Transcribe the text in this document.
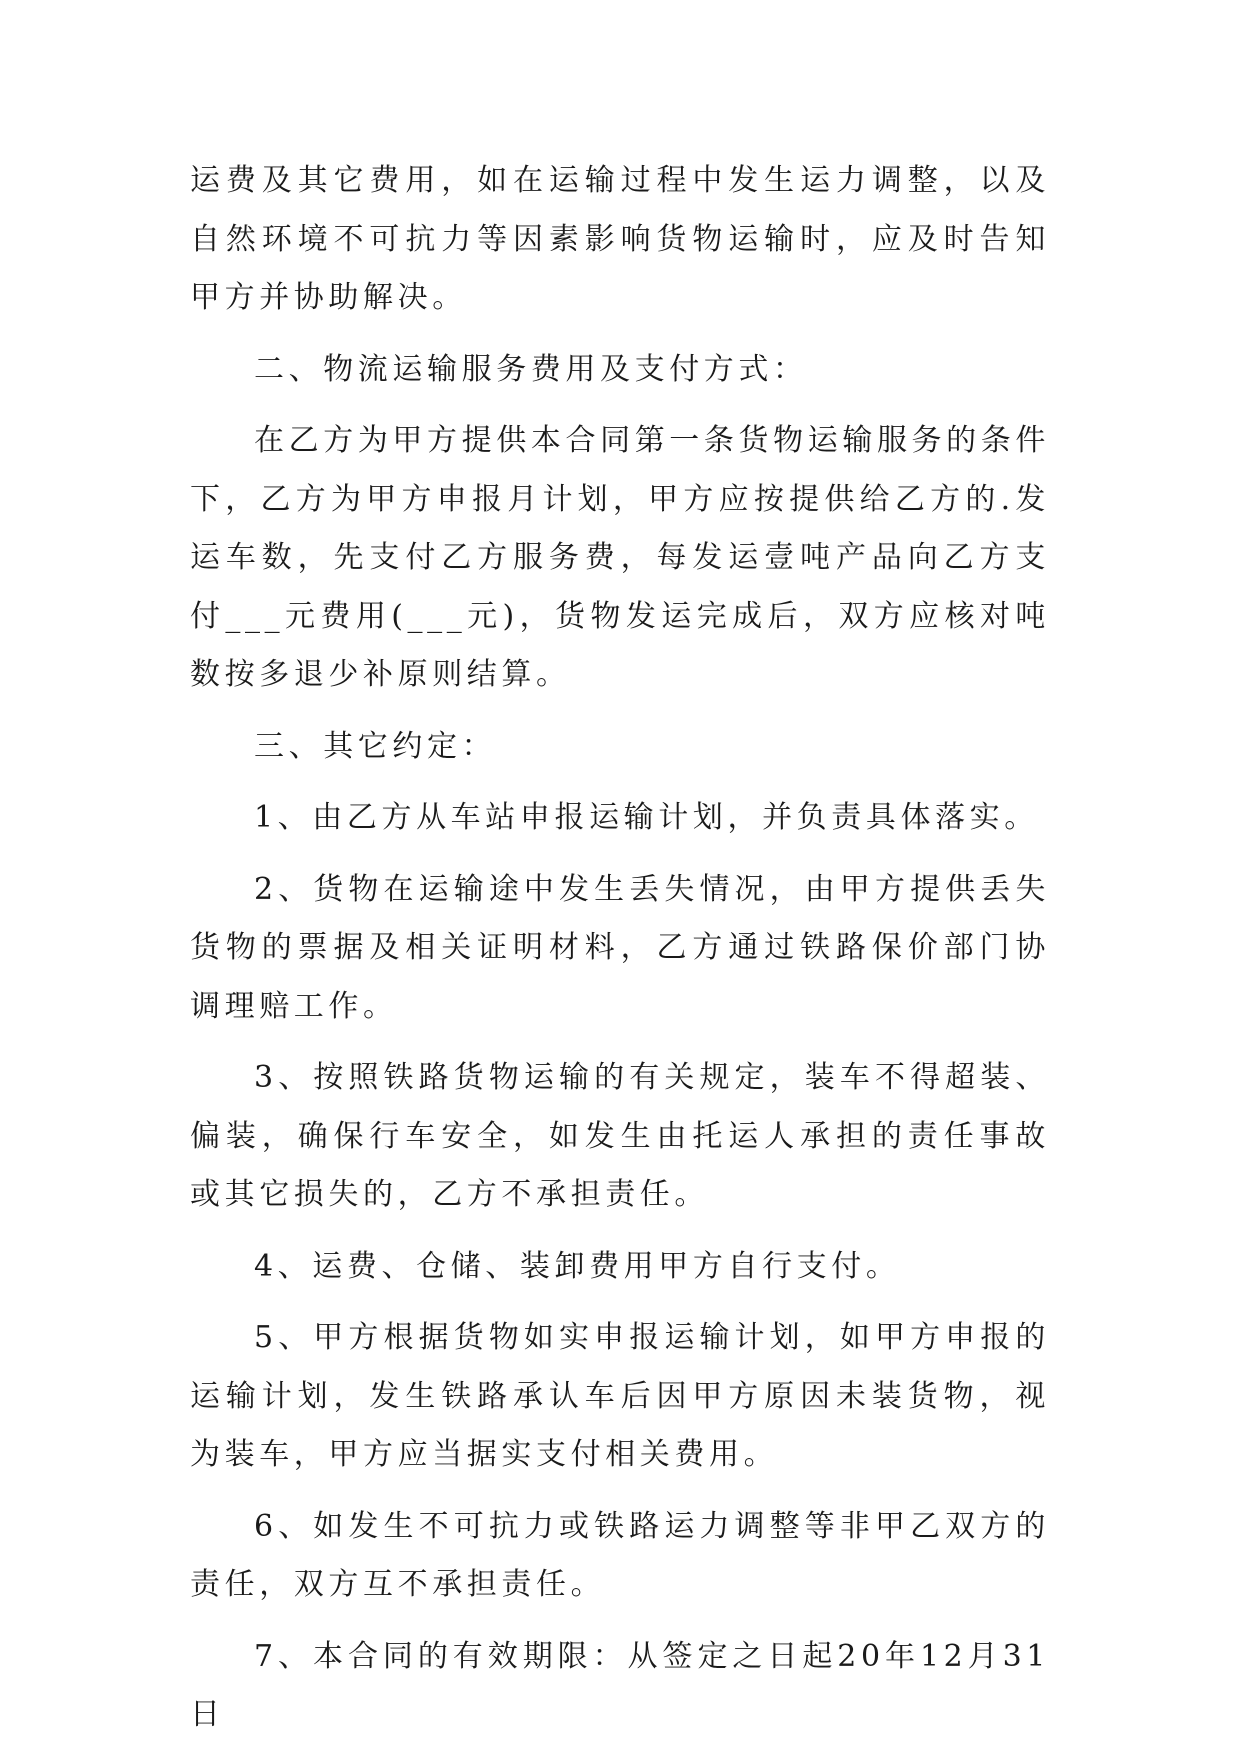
运费及其它费用，如在运输过程中发生运力调整，以及自然环境不可抗力等因素影响货物运输时，应及时告知甲方并协助解决。

二、物流运输服务费用及支付方式：

在乙方为甲方提供本合同第一条货物运输服务的条件下，乙方为甲方申报月计划，甲方应按提供给乙方的.发运车数，先支付乙方服务费，每发运壹吨产品向乙方支付___元费用(___元)，货物发运完成后，双方应核对吨数按多退少补原则结算。

三、其它约定：

1、由乙方从车站申报运输计划，并负责具体落实。

2、货物在运输途中发生丢失情况，由甲方提供丢失货物的票据及相关证明材料，乙方通过铁路保价部门协调理赔工作。

3、按照铁路货物运输的有关规定，装车不得超装、偏装，确保行车安全，如发生由托运人承担的责任事故或其它损失的，乙方不承担责任。

4、运费、仓储、装卸费用甲方自行支付。

5、甲方根据货物如实申报运输计划，如甲方申报的运输计划，发生铁路承认车后因甲方原因未装货物，视为装车，甲方应当据实支付相关费用。

6、如发生不可抗力或铁路运力调整等非甲乙双方的责任，双方互不承担责任。

7、本合同的有效期限：从签定之日起20年12月31日
